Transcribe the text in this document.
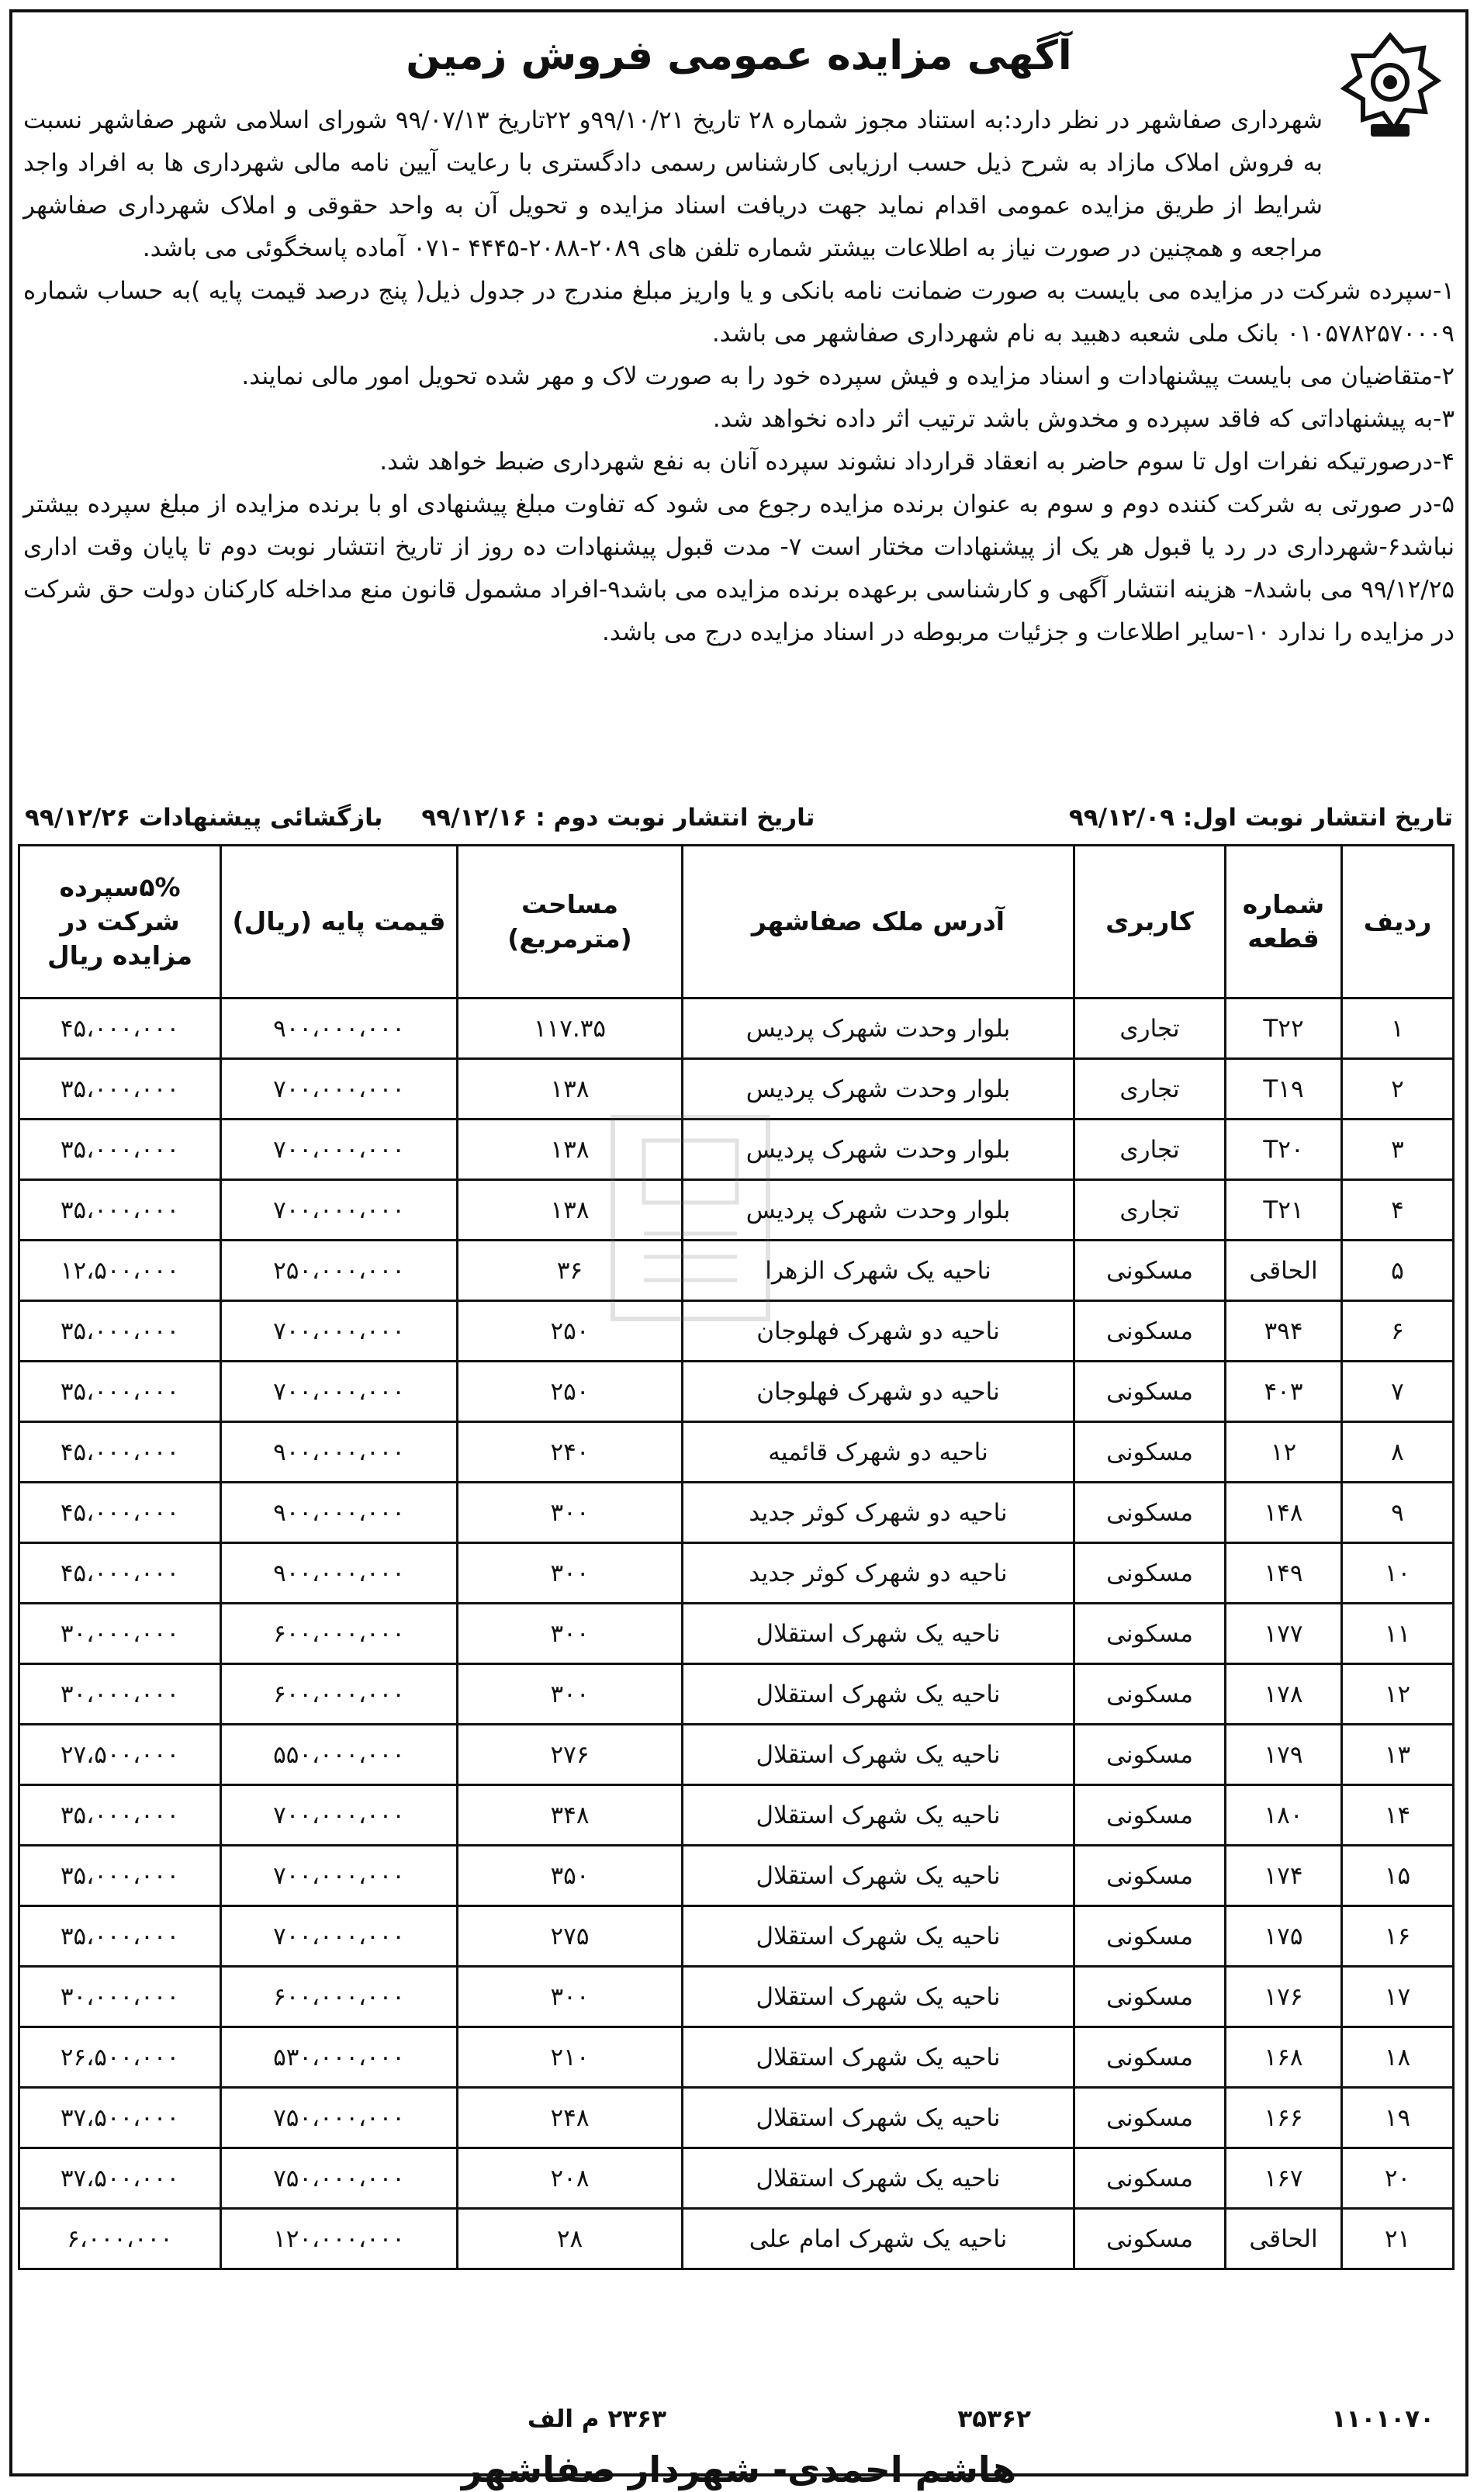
آگهی مزایده عمومی فروش زمین

شهرداری صفاشهر در نظر دارد:به استناد مجوز شماره ۲۸ تاریخ ۹۹/۱۰/۲۱و ۲۲تاریخ ۹۹/۰۷/۱۳ شورای اسلامی شهر صفاشهر نسبت به فروش املاک مازاد به شرح ذیل حسب ارزیابی کارشناس رسمی دادگستری با رعایت آیین نامه مالی شهرداری ها به افراد واجد شرایط از طریق مزایده عمومی اقدام نماید جهت دریافت اسناد مزایده و تحویل آن به واحد حقوقی و املاک شهرداری صفاشهر مراجعه و همچنین در صورت نیاز به اطلاعات بیشتر شماره تلفن های ۲۰۸۹-۲۰۸۸-۴۴۴۵ -۰۷۱ آماده پاسخگوئی می باشد.

۱-سپرده شرکت در مزایده می بایست به صورت ضمانت نامه بانکی و یا واریز مبلغ مندرج در جدول ذیل( پنج درصد قیمت پایه )به حساب شماره ۰۱۰۵۷۸۲۵۷۰۰۰۹ بانک ملی شعبه دهبید به نام شهرداری صفاشهر می باشد.

۲-متقاضیان می بایست پیشنهادات و اسناد مزایده و فیش سپرده خود را به صورت لاک و مهر شده تحویل امور مالی نمایند.

۳-به پیشنهاداتی که فاقد سپرده و مخدوش باشد ترتیب اثر داده نخواهد شد.

۴-درصورتیکه نفرات اول تا سوم حاضر به انعقاد قرارداد نشوند سپرده آنان به نفع شهرداری ضبط خواهد شد.

۵-در صورتی به شرکت کننده دوم و سوم به عنوان برنده مزایده رجوع می شود که تفاوت مبلغ پیشنهادی او با برنده مزایده از مبلغ سپرده بیشتر نباشد۶-شهرداری در رد یا قبول هر یک از پیشنهادات مختار است ۷- مدت قبول پیشنهادات ده روز از تاریخ انتشار نوبت دوم تا پایان وقت اداری ۹۹/۱۲/۲۵ می باشد۸- هزینه انتشار آگهی و کارشناسی برعهده برنده مزایده می باشد۹-افراد مشمول قانون منع مداخله کارکنان دولت حق شرکت در مزایده را ندارد ۱۰-سایر اطلاعات و جزئیات مربوطه در اسناد مزایده درج می باشد.

تاریخ انتشار نوبت اول: ۹۹/۱۲/۰۹
تاریخ انتشار نوبت دوم : ۹۹/۱۲/۱۶
بازگشائی پیشنهادات ۹۹/۱۲/۲۶
ردیف	شماره قطعه	کاربری	آدرس ملک صفاشهر	مساحت (مترمربع)	قیمت پایه (ریال)	۵%سپرده شرکت در مزایده ریال
۱	T۲۲	تجاری	بلوار وحدت شهرک پردیس	۱۱۷.۳۵	۹۰۰،۰۰۰،۰۰۰	۴۵،۰۰۰،۰۰۰
۲	T۱۹	تجاری	بلوار وحدت شهرک پردیس	۱۳۸	۷۰۰،۰۰۰،۰۰۰	۳۵،۰۰۰،۰۰۰
۳	T۲۰	تجاری	بلوار وحدت شهرک پردیس	۱۳۸	۷۰۰،۰۰۰،۰۰۰	۳۵،۰۰۰،۰۰۰
۴	T۲۱	تجاری	بلوار وحدت شهرک پردیس	۱۳۸	۷۰۰،۰۰۰،۰۰۰	۳۵،۰۰۰،۰۰۰
۵	الحاقی	مسکونی	ناحیه یک شهرک الزهرا	۳۶	۲۵۰،۰۰۰،۰۰۰	۱۲،۵۰۰،۰۰۰
۶	۳۹۴	مسکونی	ناحیه دو شهرک فهلوجان	۲۵۰	۷۰۰،۰۰۰،۰۰۰	۳۵،۰۰۰،۰۰۰
۷	۴۰۳	مسکونی	ناحیه دو شهرک فهلوجان	۲۵۰	۷۰۰،۰۰۰،۰۰۰	۳۵،۰۰۰،۰۰۰
۸	۱۲	مسکونی	ناحیه دو شهرک قائمیه	۲۴۰	۹۰۰،۰۰۰،۰۰۰	۴۵،۰۰۰،۰۰۰
۹	۱۴۸	مسکونی	ناحیه دو شهرک کوثر جدید	۳۰۰	۹۰۰،۰۰۰،۰۰۰	۴۵،۰۰۰،۰۰۰
۱۰	۱۴۹	مسکونی	ناحیه دو شهرک کوثر جدید	۳۰۰	۹۰۰،۰۰۰،۰۰۰	۴۵،۰۰۰،۰۰۰
۱۱	۱۷۷	مسکونی	ناحیه یک شهرک استقلال	۳۰۰	۶۰۰،۰۰۰،۰۰۰	۳۰،۰۰۰،۰۰۰
۱۲	۱۷۸	مسکونی	ناحیه یک شهرک استقلال	۳۰۰	۶۰۰،۰۰۰،۰۰۰	۳۰،۰۰۰،۰۰۰
۱۳	۱۷۹	مسکونی	ناحیه یک شهرک استقلال	۲۷۶	۵۵۰،۰۰۰،۰۰۰	۲۷،۵۰۰،۰۰۰
۱۴	۱۸۰	مسکونی	ناحیه یک شهرک استقلال	۳۴۸	۷۰۰،۰۰۰،۰۰۰	۳۵،۰۰۰،۰۰۰
۱۵	۱۷۴	مسکونی	ناحیه یک شهرک استقلال	۳۵۰	۷۰۰،۰۰۰،۰۰۰	۳۵،۰۰۰،۰۰۰
۱۶	۱۷۵	مسکونی	ناحیه یک شهرک استقلال	۲۷۵	۷۰۰،۰۰۰،۰۰۰	۳۵،۰۰۰،۰۰۰
۱۷	۱۷۶	مسکونی	ناحیه یک شهرک استقلال	۳۰۰	۶۰۰،۰۰۰،۰۰۰	۳۰،۰۰۰،۰۰۰
۱۸	۱۶۸	مسکونی	ناحیه یک شهرک استقلال	۲۱۰	۵۳۰،۰۰۰،۰۰۰	۲۶،۵۰۰،۰۰۰
۱۹	۱۶۶	مسکونی	ناحیه یک شهرک استقلال	۲۴۸	۷۵۰،۰۰۰،۰۰۰	۳۷،۵۰۰،۰۰۰
۲۰	۱۶۷	مسکونی	ناحیه یک شهرک استقلال	۲۰۸	۷۵۰،۰۰۰،۰۰۰	۳۷،۵۰۰،۰۰۰
۲۱	الحاقی	مسکونی	ناحیه یک شهرک امام علی	۲۸	۱۲۰،۰۰۰،۰۰۰	۶،۰۰۰،۰۰۰
۱۱۰۱۰۷۰
۳۵۳۶۲
۲۳۶۳ م الف
هاشم احمدی- شهردار صفاشهر
